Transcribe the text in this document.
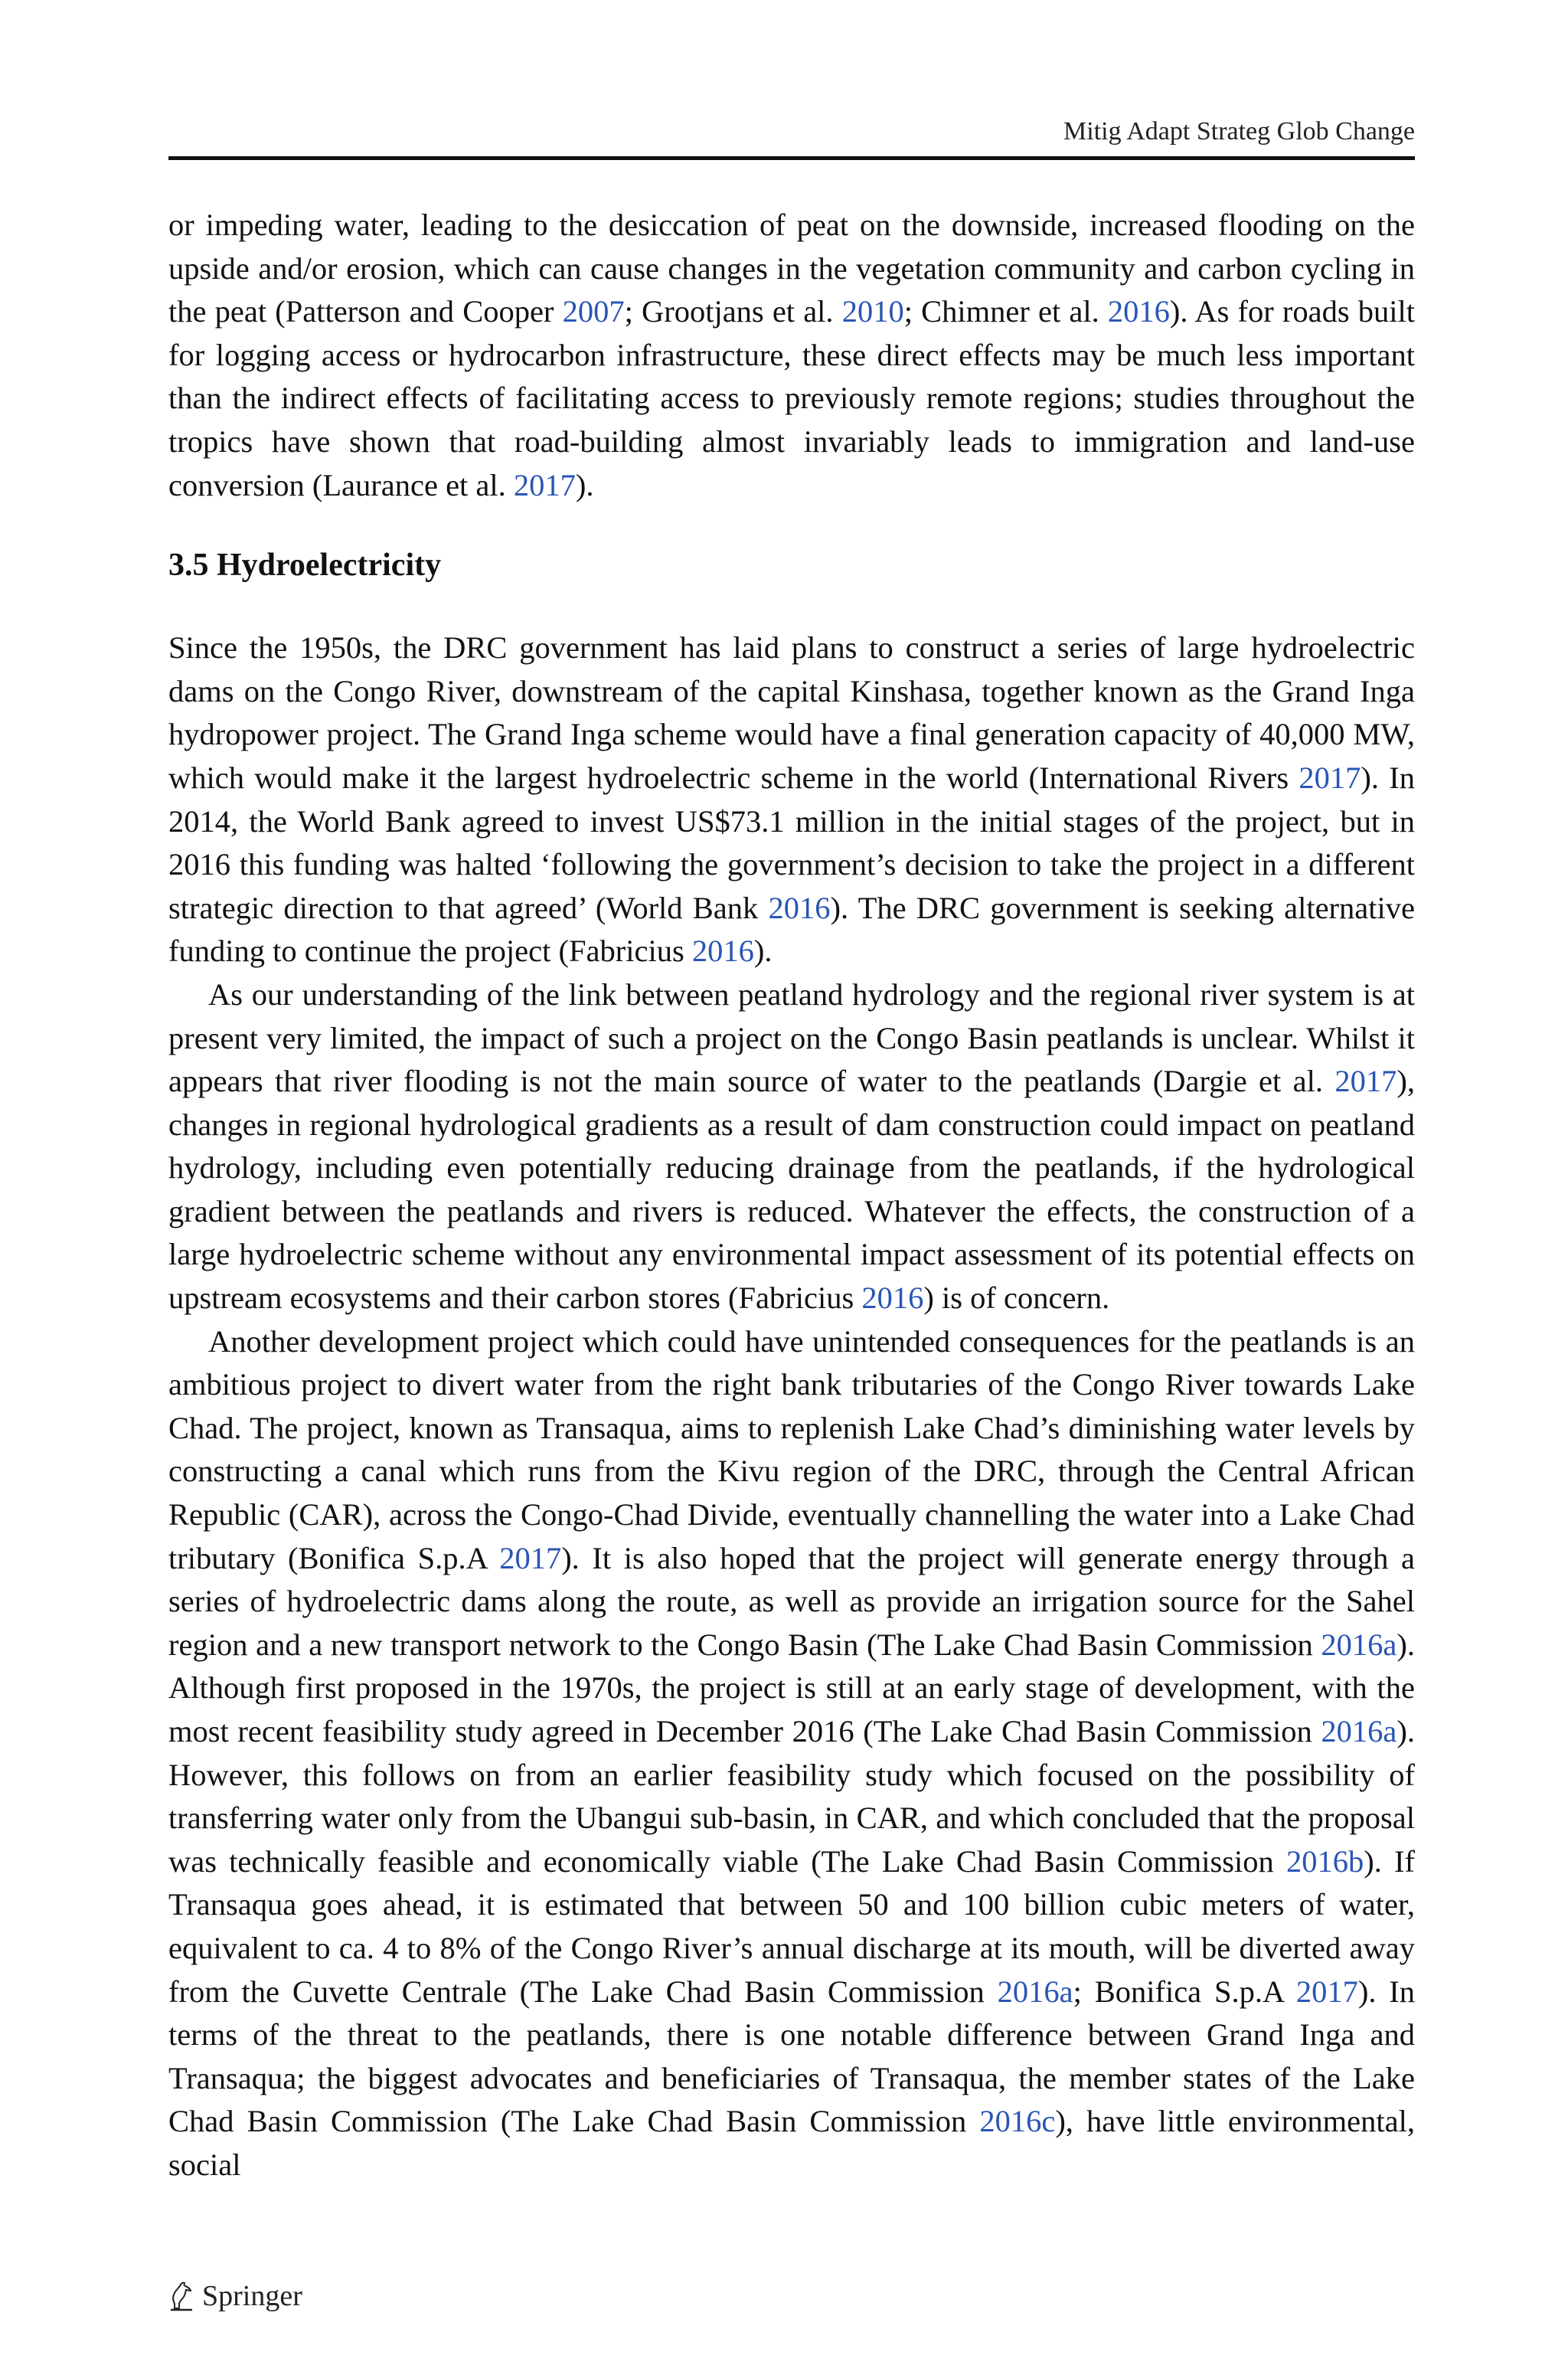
Mitig Adapt Strateg Glob Change

or impeding water, leading to the desiccation of peat on the downside, increased flooding on the upside and/or erosion, which can cause changes in the vegetation community and carbon cycling in the peat (Patterson and Cooper 2007; Grootjans et al. 2010; Chimner et al. 2016). As for roads built for logging access or hydrocarbon infrastructure, these direct effects may be much less important than the indirect effects of facilitating access to previously remote regions; studies throughout the tropics have shown that road-building almost invariably leads to immigration and land-use conversion (Laurance et al. 2017).

3.5 Hydroelectricity

Since the 1950s, the DRC government has laid plans to construct a series of large hydroelectric dams on the Congo River, downstream of the capital Kinshasa, together known as the Grand Inga hydropower project. The Grand Inga scheme would have a final generation capacity of 40,000 MW, which would make it the largest hydroelectric scheme in the world (International Rivers 2017). In 2014, the World Bank agreed to invest US$73.1 million in the initial stages of the project, but in 2016 this funding was halted ‘following the government’s decision to take the project in a different strategic direction to that agreed’ (World Bank 2016). The DRC government is seeking alternative funding to continue the project (Fabricius 2016).

As our understanding of the link between peatland hydrology and the regional river system is at present very limited, the impact of such a project on the Congo Basin peatlands is unclear. Whilst it appears that river flooding is not the main source of water to the peatlands (Dargie et al. 2017), changes in regional hydrological gradients as a result of dam construction could impact on peatland hydrology, including even potentially reducing drainage from the peatlands, if the hydrological gradient between the peatlands and rivers is reduced. Whatever the effects, the construction of a large hydroelectric scheme without any environmental impact assessment of its potential effects on upstream ecosystems and their carbon stores (Fabricius 2016) is of concern.

Another development project which could have unintended consequences for the peatlands is an ambitious project to divert water from the right bank tributaries of the Congo River towards Lake Chad. The project, known as Transaqua, aims to replenish Lake Chad’s diminishing water levels by constructing a canal which runs from the Kivu region of the DRC, through the Central African Republic (CAR), across the Congo-Chad Divide, eventually channelling the water into a Lake Chad tributary (Bonifica S.p.A 2017). It is also hoped that the project will generate energy through a series of hydroelectric dams along the route, as well as provide an irrigation source for the Sahel region and a new transport network to the Congo Basin (The Lake Chad Basin Commission 2016a). Although first proposed in the 1970s, the project is still at an early stage of development, with the most recent feasibility study agreed in December 2016 (The Lake Chad Basin Commission 2016a). However, this follows on from an earlier feasibility study which focused on the possibility of transferring water only from the Ubangui sub-basin, in CAR, and which concluded that the proposal was technically feasible and economically viable (The Lake Chad Basin Commission 2016b). If Transaqua goes ahead, it is estimated that between 50 and 100 billion cubic meters of water, equivalent to ca. 4 to 8% of the Congo River’s annual discharge at its mouth, will be diverted away from the Cuvette Centrale (The Lake Chad Basin Commission 2016a; Bonifica S.p.A 2017). In terms of the threat to the peatlands, there is one notable difference between Grand Inga and Transaqua; the biggest advocates and beneficiaries of Transaqua, the member states of the Lake Chad Basin Commission (The Lake Chad Basin Commission 2016c), have little environmental, social

Springer
